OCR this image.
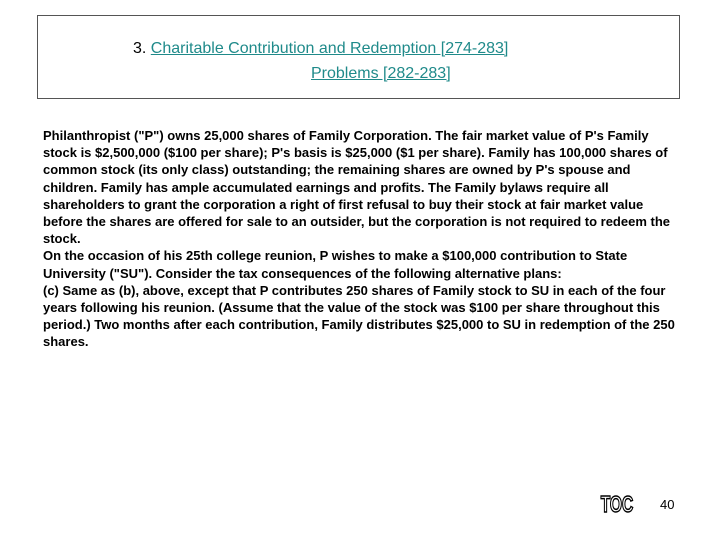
3. Charitable Contribution and Redemption [274-283]
Problems [282-283]

Philanthropist ("P") owns 25,000 shares of Family Corporation. The fair market value of P's Family stock is $2,500,000 ($100 per share); P's basis is $25,000 ($1 per share). Family has 100,000 shares of common stock (its only class) outstanding; the remaining shares are owned by P's spouse and children. Family has ample accumulated earnings and profits. The Family bylaws require all shareholders to grant the corporation a right of first refusal to buy their stock at fair market value before the shares are offered for sale to an outsider, but the corporation is not required to redeem the stock.

On the occasion of his 25th college reunion, P wishes to make a $100,000 contribution to State University ("SU"). Consider the tax consequences of the following alternative plans:

(c) Same as (b), above, except that P contributes 250 shares of Family stock to SU in each of the four years following his reunion. (Assume that the value of the stock was $100 per share throughout this period.) Two months after each contribution, Family distributes $25,000 to SU in redemption of the 250 shares.

TOC 40
